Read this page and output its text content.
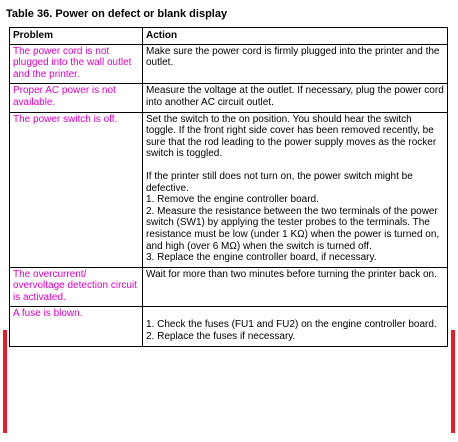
Table 36. Power on defect or blank display
Problem	Action
The power cord is not plugged into the wall outlet and the printer.	Make sure the power cord is firmly plugged into the printer and the outlet.

Proper AC power is not available.	Measure the voltage at the outlet. If necessary, plug the power cord into another AC circuit outlet.

The power switch is off.	Set the switch to the on position. You should hear the switch toggle. If the front right side cover has been removed recently, be sure that the rod leading to the power supply moves as the rocker switch is toggled.

If the printer still does not turn on, the power switch might be defective.

1. Remove the engine controller board.

2. Measure the resistance between the two terminals of the power switch (SW1) by applying the tester probes to the terminals. The resistance must be low (under 1 KΩ) when the power is turned on, and high (over 6 MΩ) when the switch is turned off.

3. Replace the engine controller board, if necessary.

The overcurrent/ overvoltage detection circuit is activated.	Wait for more than two minutes before turning the printer back on.

A fuse is blown.	1. Check the fuses (FU1 and FU2) on the engine controller board.

2. Replace the fuses if necessary.
